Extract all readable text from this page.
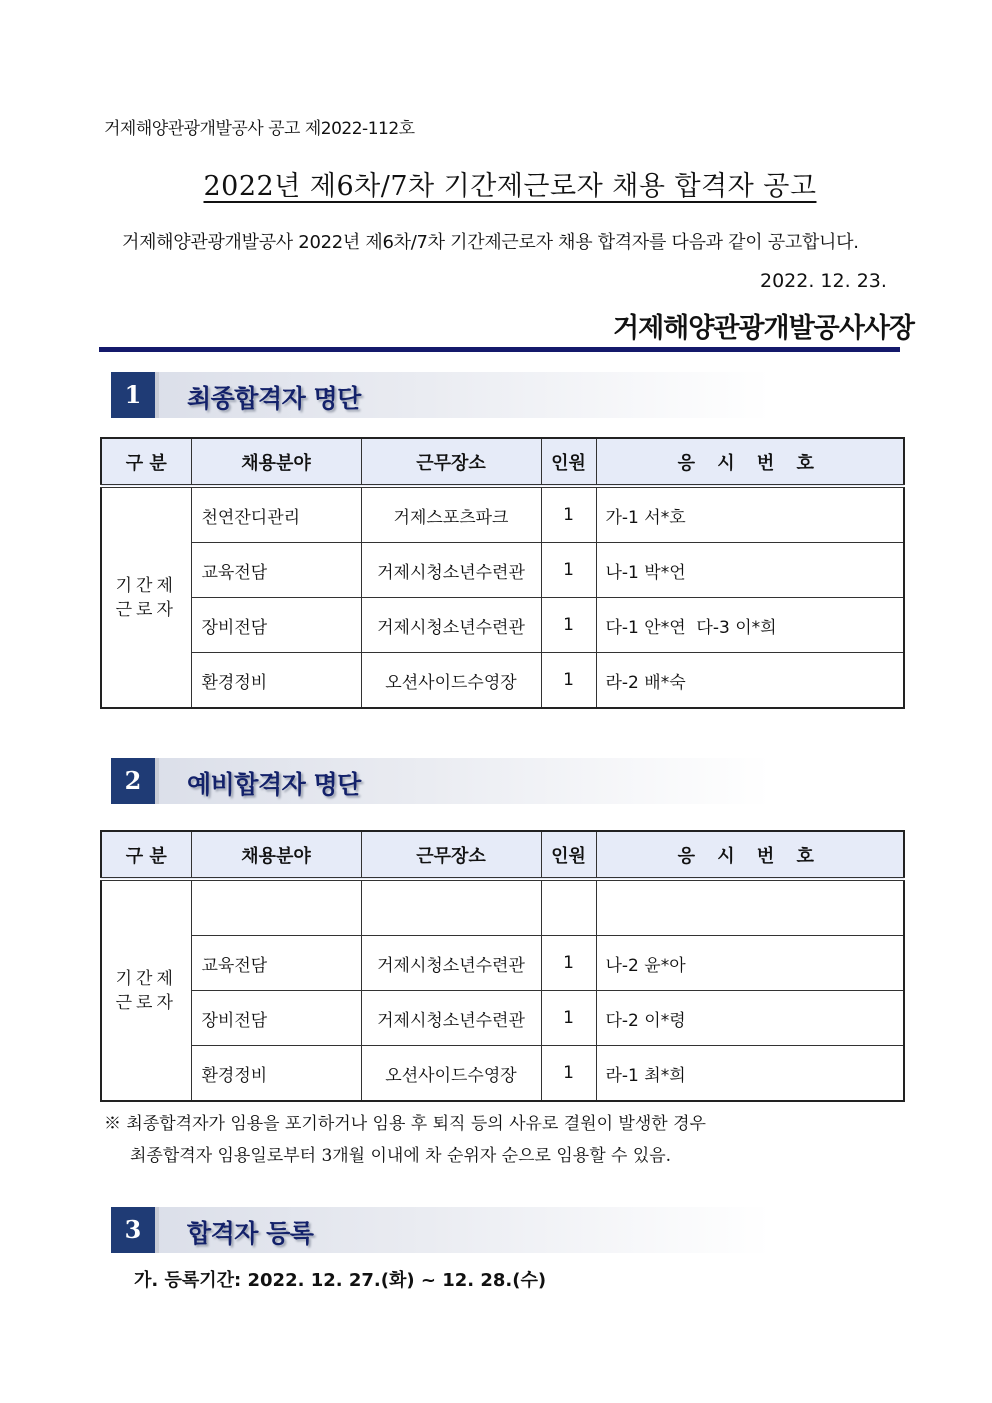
거제해양관광개발공사 공고 제2022-112호
2022년 제6차/7차 기간제근로자 채용 합격자 공고
거제해양관광개발공사 2022년 제6차/7차 기간제근로자 채용 합격자를 다음과 같이 공고합니다.
2022. 12. 23.
거제해양관광개발공사사장
1	최종합격자 명단
구 분	채용분야	근무장소	인원	응 시 번 호
기간제 근로자	천연잔디관리	거제스포츠파크	1	가-1 서*호
	교육전담	거제시청소년수련관	1	나-1 박*언
	장비전담	거제시청소년수련관	1	다-1 안*연  다-3 이*희
	환경정비	오션사이드수영장	1	라-2 배*숙
2	예비합격자 명단
구 분	채용분야	근무장소	인원	응 시 번 호
기간제 근로자				
	교육전담	거제시청소년수련관	1	나-2 윤*아
	장비전담	거제시청소년수련관	1	다-2 이*령
	환경정비	오션사이드수영장	1	라-1 최*희
※ 최종합격자가 임용을 포기하거나 임용 후 퇴직 등의 사유로 결원이 발생한 경우
최종합격자 임용일로부터 3개월 이내에 차 순위자 순으로 임용할 수 있음.
3	합격자 등록
가. 등록기간: 2022. 12. 27.(화) ~ 12. 28.(수)
